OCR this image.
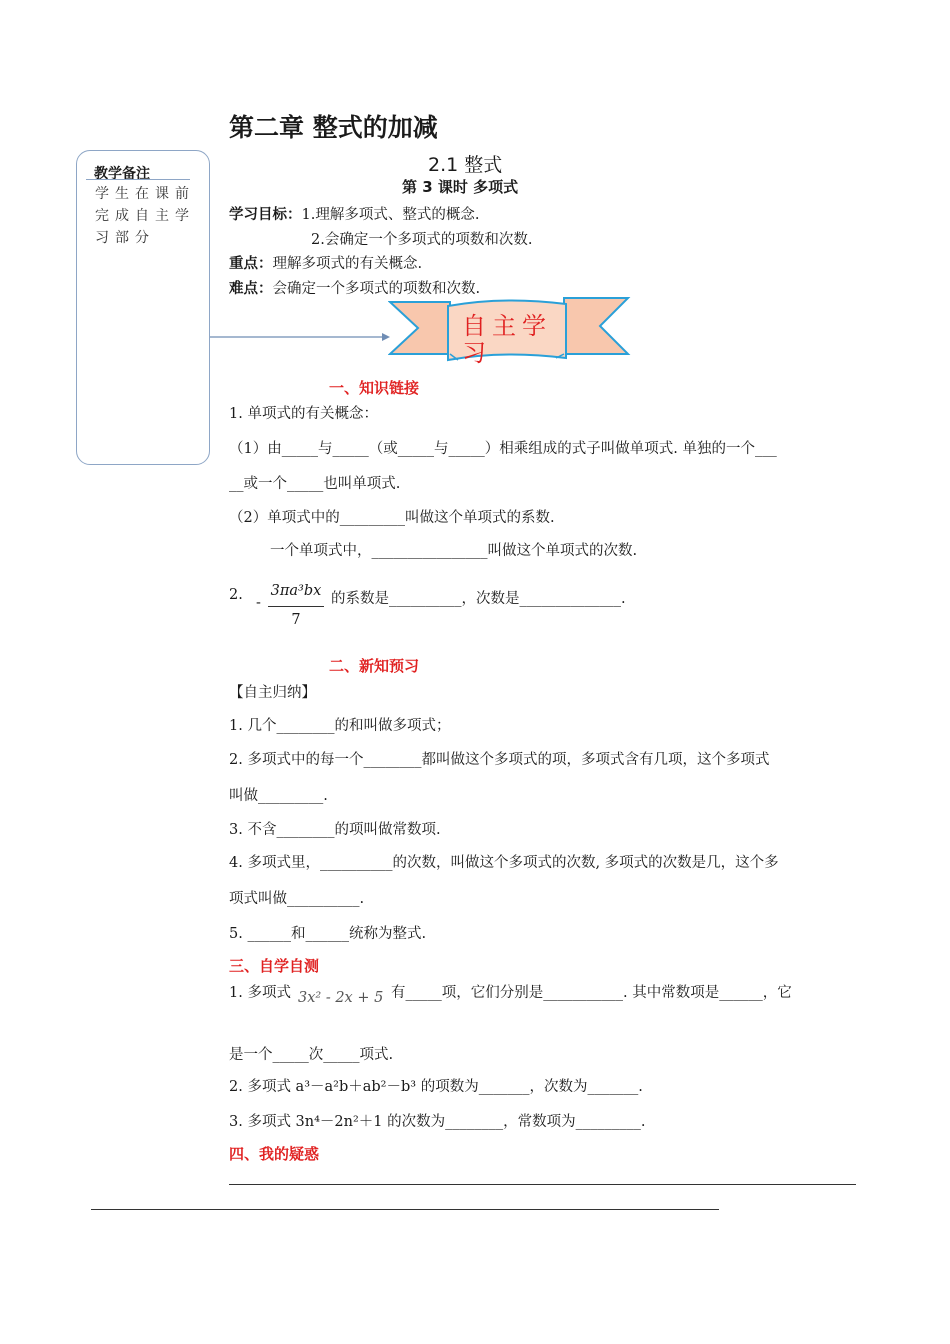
第二章 整式的加减
教学备注
学生在课前完成自主学习部分
2.1 整式
第 3 课时 多项式
学习目标：1.理解多项式、整式的概念.
2.会确定一个多项式的项数和次数.
重点：理解多项式的有关概念.
难点：会确定一个多项式的项数和次数.
自主学习
一、知识链接
1. 单项式的有关概念：
（1）由_____与_____（或_____与_____）相乘组成的式子叫做单项式. 单独的一个___
__或一个_____也叫单项式.
（2）单项式中的_________叫做这个单项式的系数.
一个单项式中，________________叫做这个单项式的次数.
2. -
3πa³bx
7
的系数是__________，次数是______________.
二、新知预习
【自主归纳】
1. 几个________的和叫做多项式；
2. 多项式中的每一个________都叫做这个多项式的项，多项式含有几项，这个多项式
叫做_________.
3. 不含________的项叫做常数项.
4. 多项式里，__________的次数，叫做这个多项式的次数, 多项式的次数是几，这个多
项式叫做__________.
5. ______和______统称为整式.
三、自学自测
1. 多项式 3x² - 2x + 5 有_____项，它们分别是___________. 其中常数项是______，它
是一个_____次_____项式.
2. 多项式 a³－a²b＋ab²－b³ 的项数为_______，次数为_______.
3. 多项式 3n⁴－2n²＋1 的次数为________，常数项为_________.
四、我的疑惑
